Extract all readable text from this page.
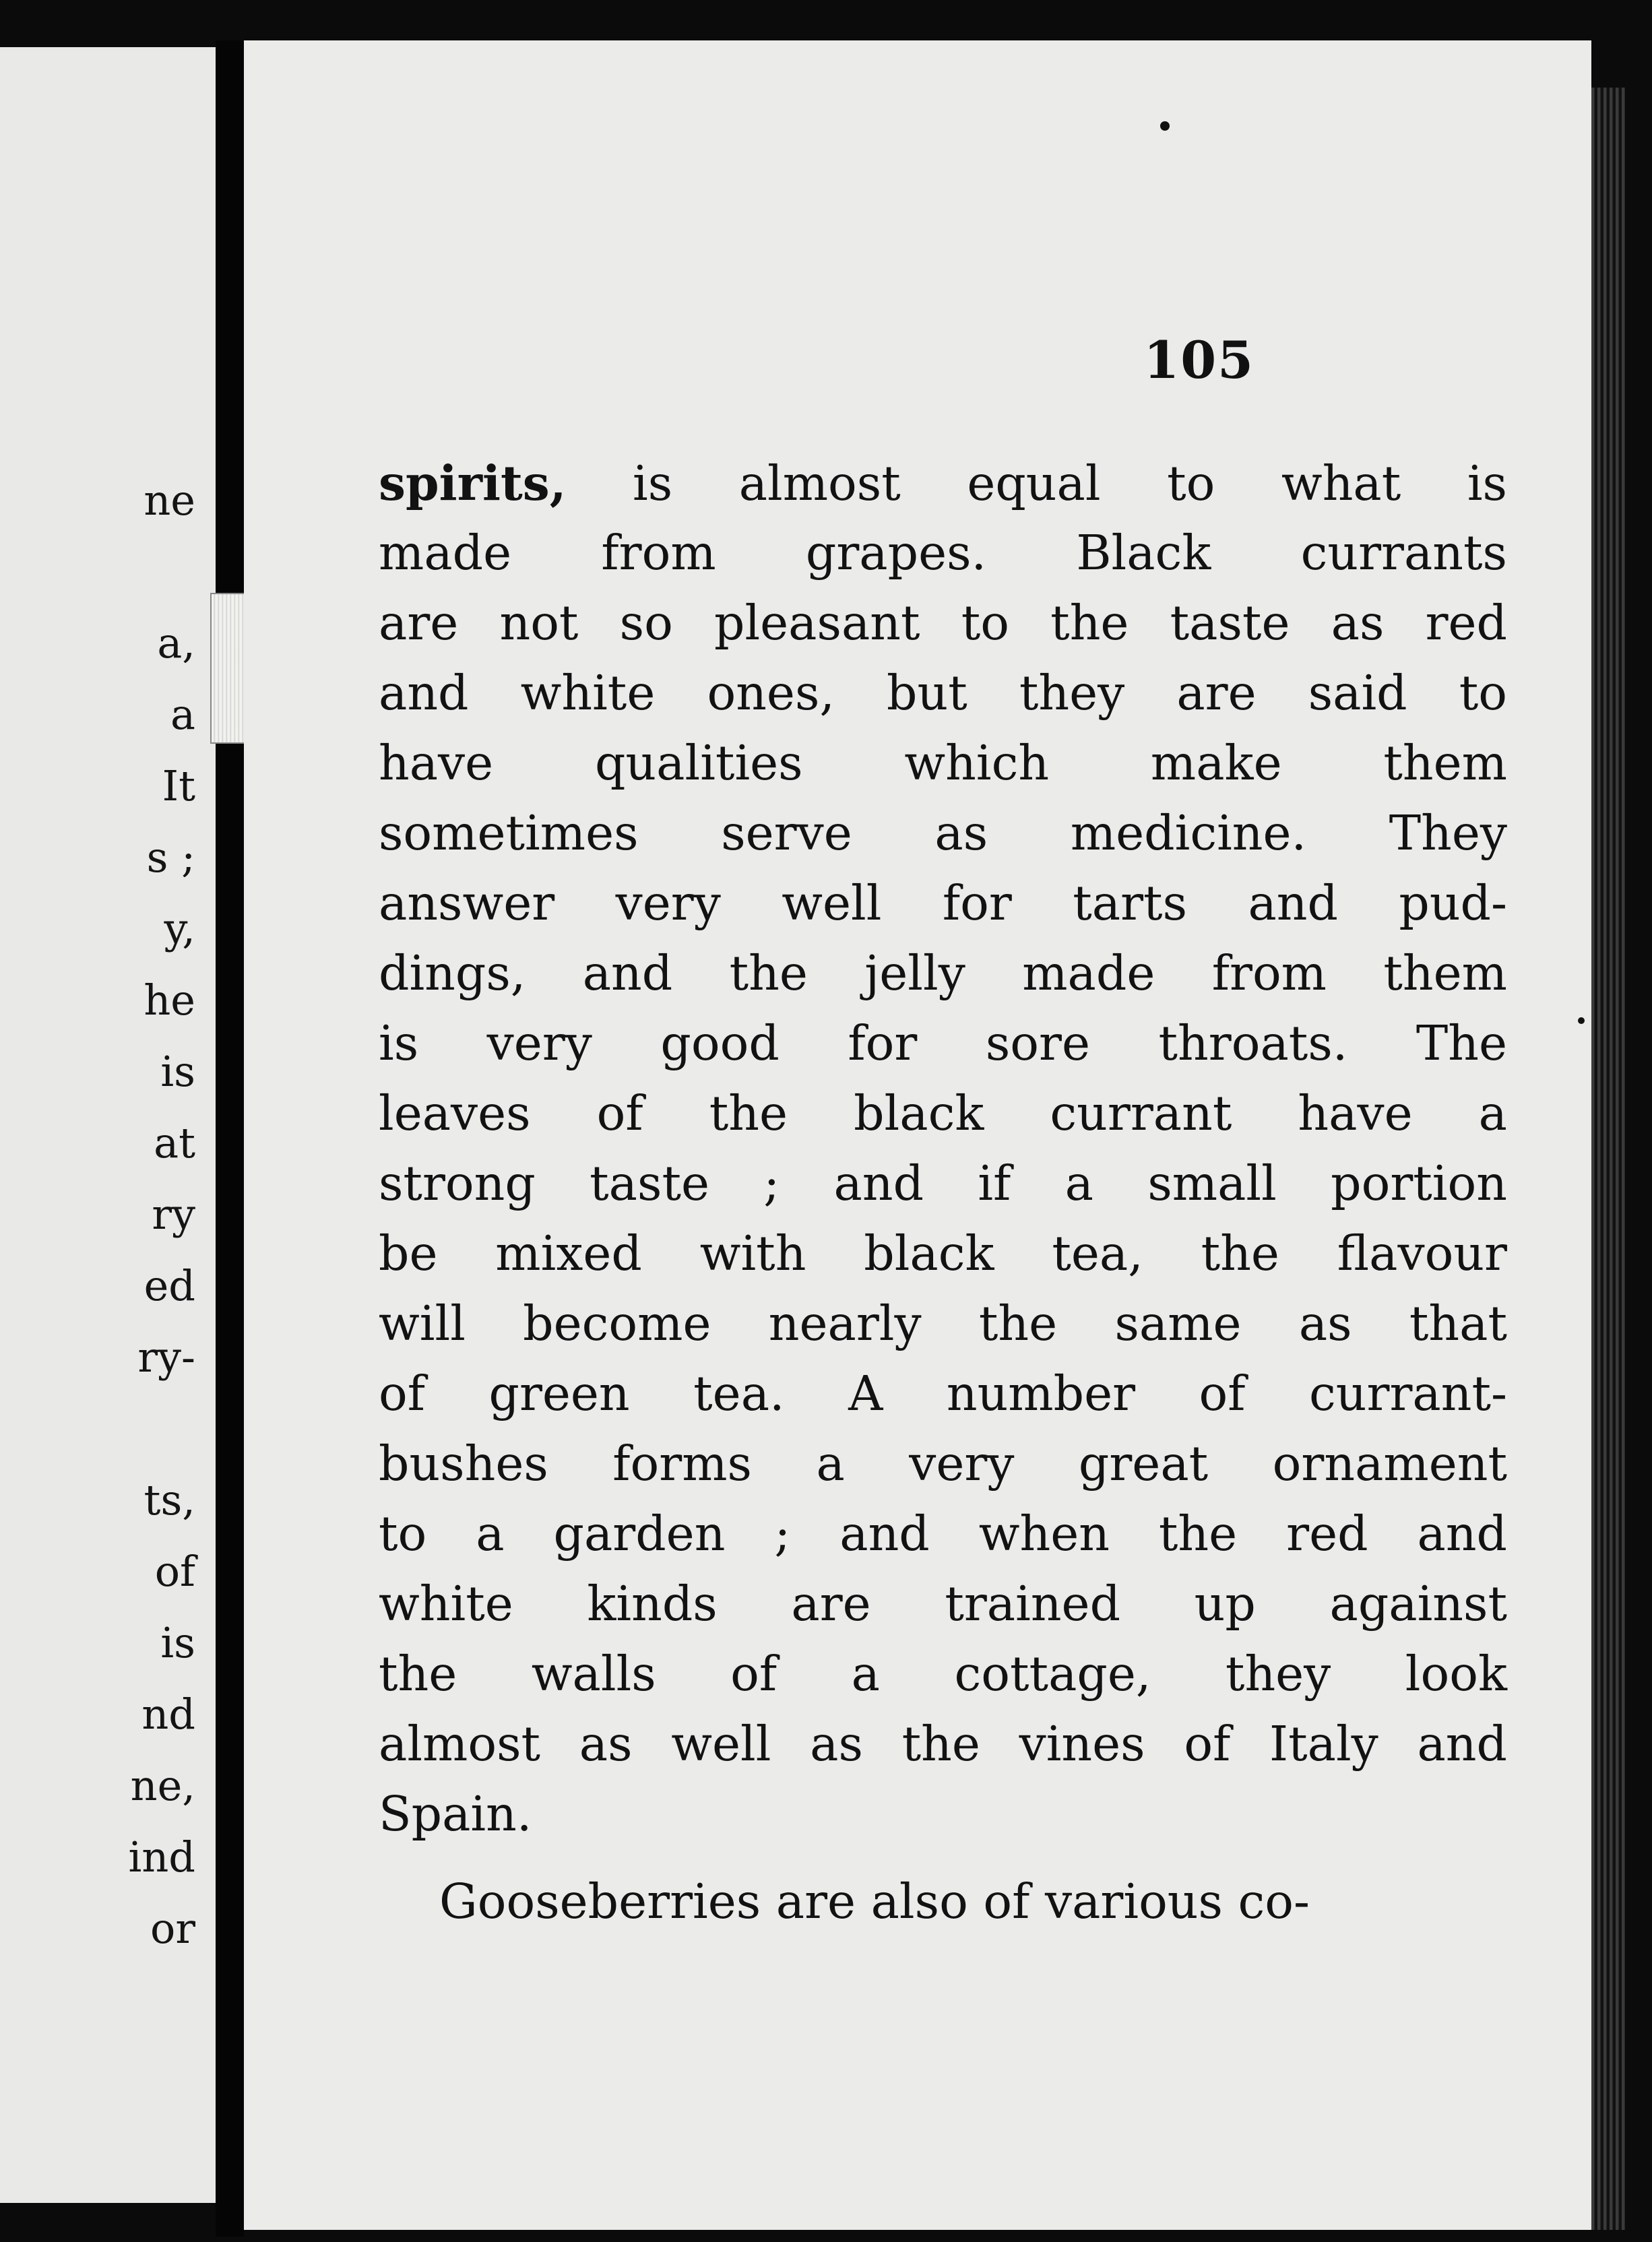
ne
a,
a
It
s ;
y,
he
is
at
ry
ed
ry-
ts,
of
is
nd
ne,
ind
or
105
spirits, is almost equal to what is
made from grapes. Black currants
are not so pleasant to the taste as red
and white ones, but they are said to
have qualities which make them
sometimes serve as medicine. They
answer very well for tarts and pud-
dings, and the jelly made from them
is very good for sore throats. The
leaves of the black currant have a
strong taste ; and if a small portion
be mixed with black tea, the flavour
will become nearly the same as that
of green tea. A number of currant-
bushes forms a very great ornament
to a garden ; and when the red and
white kinds are trained up against
the walls of a cottage, they look
almost as well as the vines of Italy and
Spain.
Gooseberries are also of various co-
